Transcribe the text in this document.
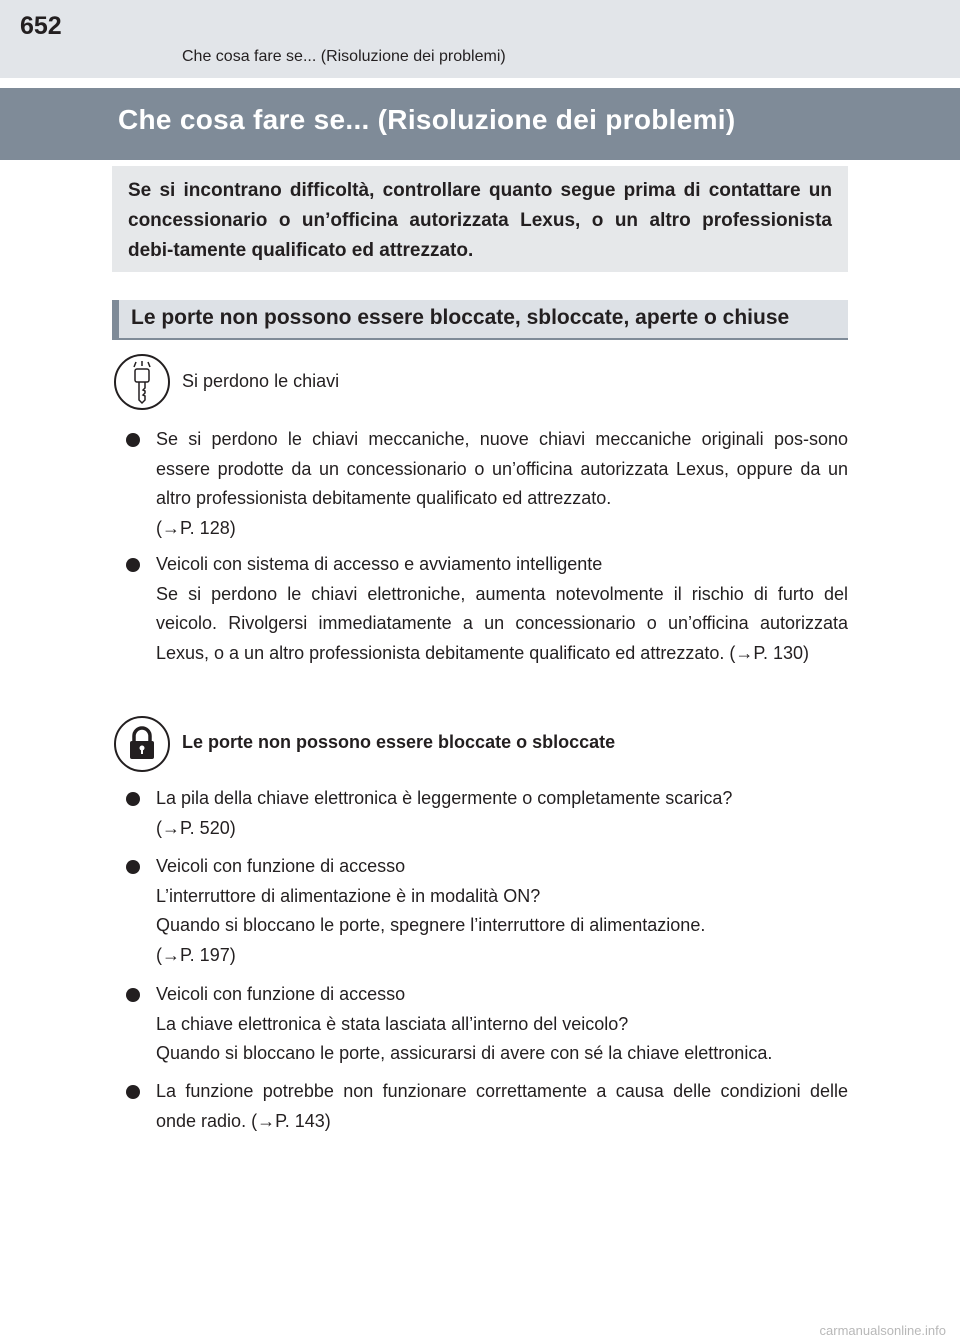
652
Che cosa fare se... (Risoluzione dei problemi)
Che cosa fare se... (Risoluzione dei problemi)

Se si incontrano difficoltà, controllare quanto segue prima di contattare un concessionario o un’officina autorizzata Lexus, o un altro professionista debi-tamente qualificato ed attrezzato.

Le porte non possono essere bloccate, sbloccate, aperte o chiuse
Si perdono le chiavi
Se si perdono le chiavi meccaniche, nuove chiavi meccaniche originali pos-sono essere prodotte da un concessionario o un’officina autorizzata Lexus, oppure da un altro professionista debitamente qualificato ed attrezzato.
(→P. 128)
Veicoli con sistema di accesso e avviamento intelligente
Se si perdono le chiavi elettroniche, aumenta notevolmente il rischio di furto del veicolo. Rivolgersi immediatamente a un concessionario o un’officina autorizzata Lexus, o a un altro professionista debitamente qualificato ed attrezzato. (→P. 130)
Le porte non possono essere bloccate o sbloccate
La pila della chiave elettronica è leggermente o completamente scarica?
(→P. 520)
Veicoli con funzione di accesso
L’interruttore di alimentazione è in modalità ON?
Quando si bloccano le porte, spegnere l’interruttore di alimentazione.
(→P. 197)
Veicoli con funzione di accesso
La chiave elettronica è stata lasciata all’interno del veicolo?
Quando si bloccano le porte, assicurarsi di avere con sé la chiave elettronica.
La funzione potrebbe non funzionare correttamente a causa delle condizioni delle onde radio. (→P. 143)
carmanualsonline.info
